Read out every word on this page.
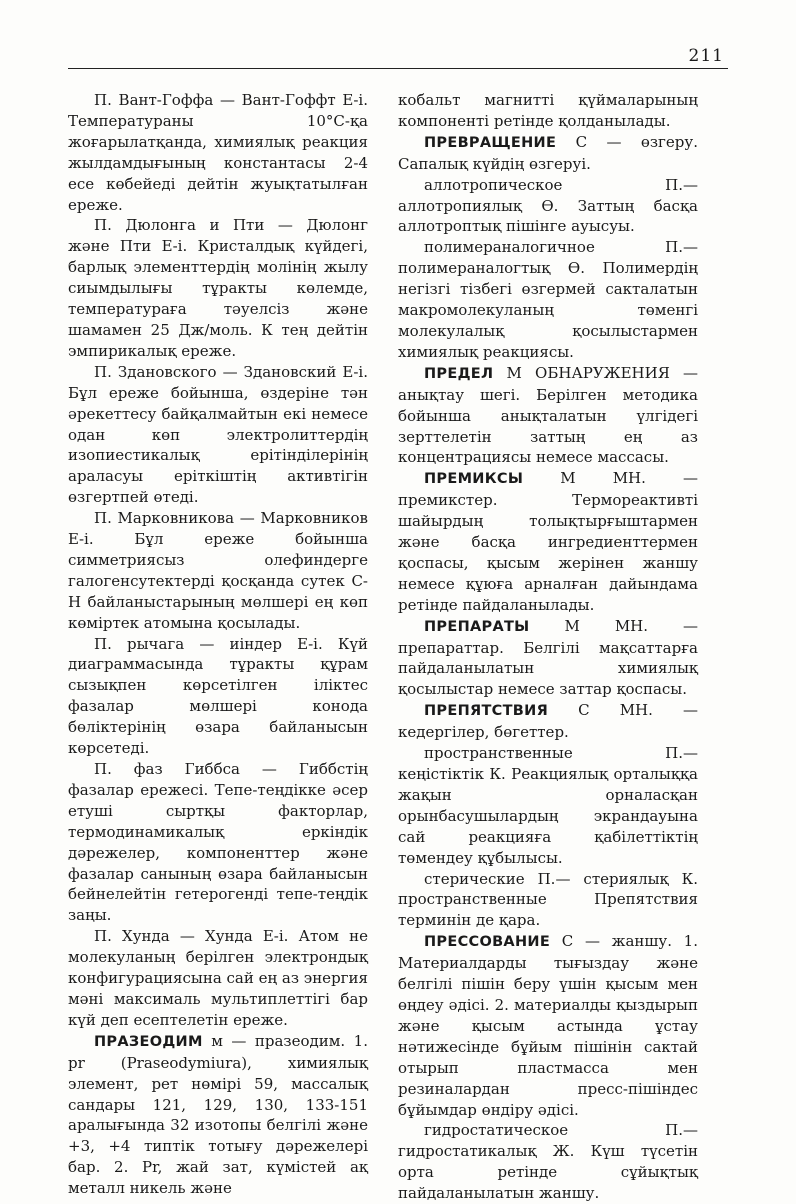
211

П. Вант-Гоффа — Вант-Гоффт Е-і. Температураны 10°С-қа жоғарылатқанда, химиялық реакция жылдамдығының константасы 2-4 есе көбейеді дейтін жуықтатылған ереже.

П. Дюлонга и Пти — Дюлонг және Пти Е-і. Кристалдық күйдегі, барлық элементтердің молінің жылу сиымдылығы тұракты көлемде, температураға тәуелсіз және шамамен 25 Дж/моль. К тең дейтін эмпирикалық ереже.

П. Здановского — Здановский Е-і. Бұл ереже бойынша, өздеріне тән әрекеттесу байқалмайтын екі немесе одан көп электролиттердің изопиестикалық ерітінділерінің араласуы еріткіштің активтігін өзгертпей өтеді.

П. Марковникова — Марковников Е-і. Бұл ереже бойынша симметриясыз олефиндерге галогенсутектерді қосқанда сутек С-Н байланыстарының мөлшері ең көп көміртек атомына қосылады.

П. рычага — иіндер Е-і. Күй диаграммасында тұракты құрам сызықпен көрсетілген іліктес фазалар мөлшері конода бөліктерінің өзара байланысын көрсетеді.

П. фаз Гиббса — Гиббстің фазалар ережесі. Тепе-теңдікке әсер етуші сыртқы факторлар, термодинамикалық еркіндік дәрежелер, компоненттер және фазалар санының өзара байланысын бейнелейтін гетерогенді тепе-теңдік заңы.

П. Хунда — Хунда Е-і. Атом не молекуланың берілген электрондық конфигурациясына сай ең аз энергия мәні максималь мультиплеттігі бар күй деп есептелетін ереже.

ПРАЗЕОДИМ м — празеодим. 1. pr (Praseodymiura), химиялық элемент, рет нөмірі 59, массалық сандары 121, 129, 130, 133-151 аралығында 32 изотопы белгілі және +3, +4 типтік тотығу дәрежелері бар. 2. Pr, жай зат, күмістей ақ металл никель және

кобальт магнитті қүймаларының компоненті ретінде қолданылады.

ПРЕВРАЩЕНИЕ С — өзгеру. Сапалық күйдің өзгеруі.

аллотропическое П.— аллотропиялық Ө. Заттың басқа аллотроптық пішінге ауысуы.

полимераналогичное П.— полимераналогтық Ө. Полимердің негізгі тізбегі өзгермей сакталатын макромолекуланың төменгі молекулалық қосылыстармен химиялық реакциясы.

ПРЕДЕЛ М ОБНАРУЖЕНИЯ — анықтау шегі. Берілген методика бойынша анықталатын үлгідегі зерттелетін заттың ең аз концентрациясы немесе массасы.

ПРЕМИКСЫ М МН. — премикстер. Термореактивті шайырдың толықтырғыштармен және басқа ингредиенттермен қоспасы, қысым жерінен жаншу немесе құюға арналған дайындама ретінде пайдаланылады.

ПРЕПАРАТЫ М МН. — препараттар. Белгілі мақсаттарға пайдаланылатын химиялық қосылыстар немесе заттар қоспасы.

ПРЕПЯТСТВИЯ С МН. — кедергілер, бөгеттер.

пространственные П.— кеңістіктік К. Реакциялық орталыққа жақын орналасқан орынбасушылардың экрандауына сай реакцияға қабілеттіктің төмендеу құбылысы.

стерические П.— стериялық К. пространственные Препятствия терминін де қара.

ПРЕССОВАНИЕ С — жаншу. 1. Материалдарды тығыздау және белгілі пішін беру үшін қысым мен өңдеу әдісі. 2. материалды қыздырып және қысым астында ұстау нәтижесінде бұйым пішінін сактай отырып пластмасса мен резиналардан пресс-пішіндес бұйымдар өндіру әдісі.

гидростатическое П.— гидростатикалық Ж. Күш түсетін орта ретінде сұйықтық пайдаланылатын жаншу.
